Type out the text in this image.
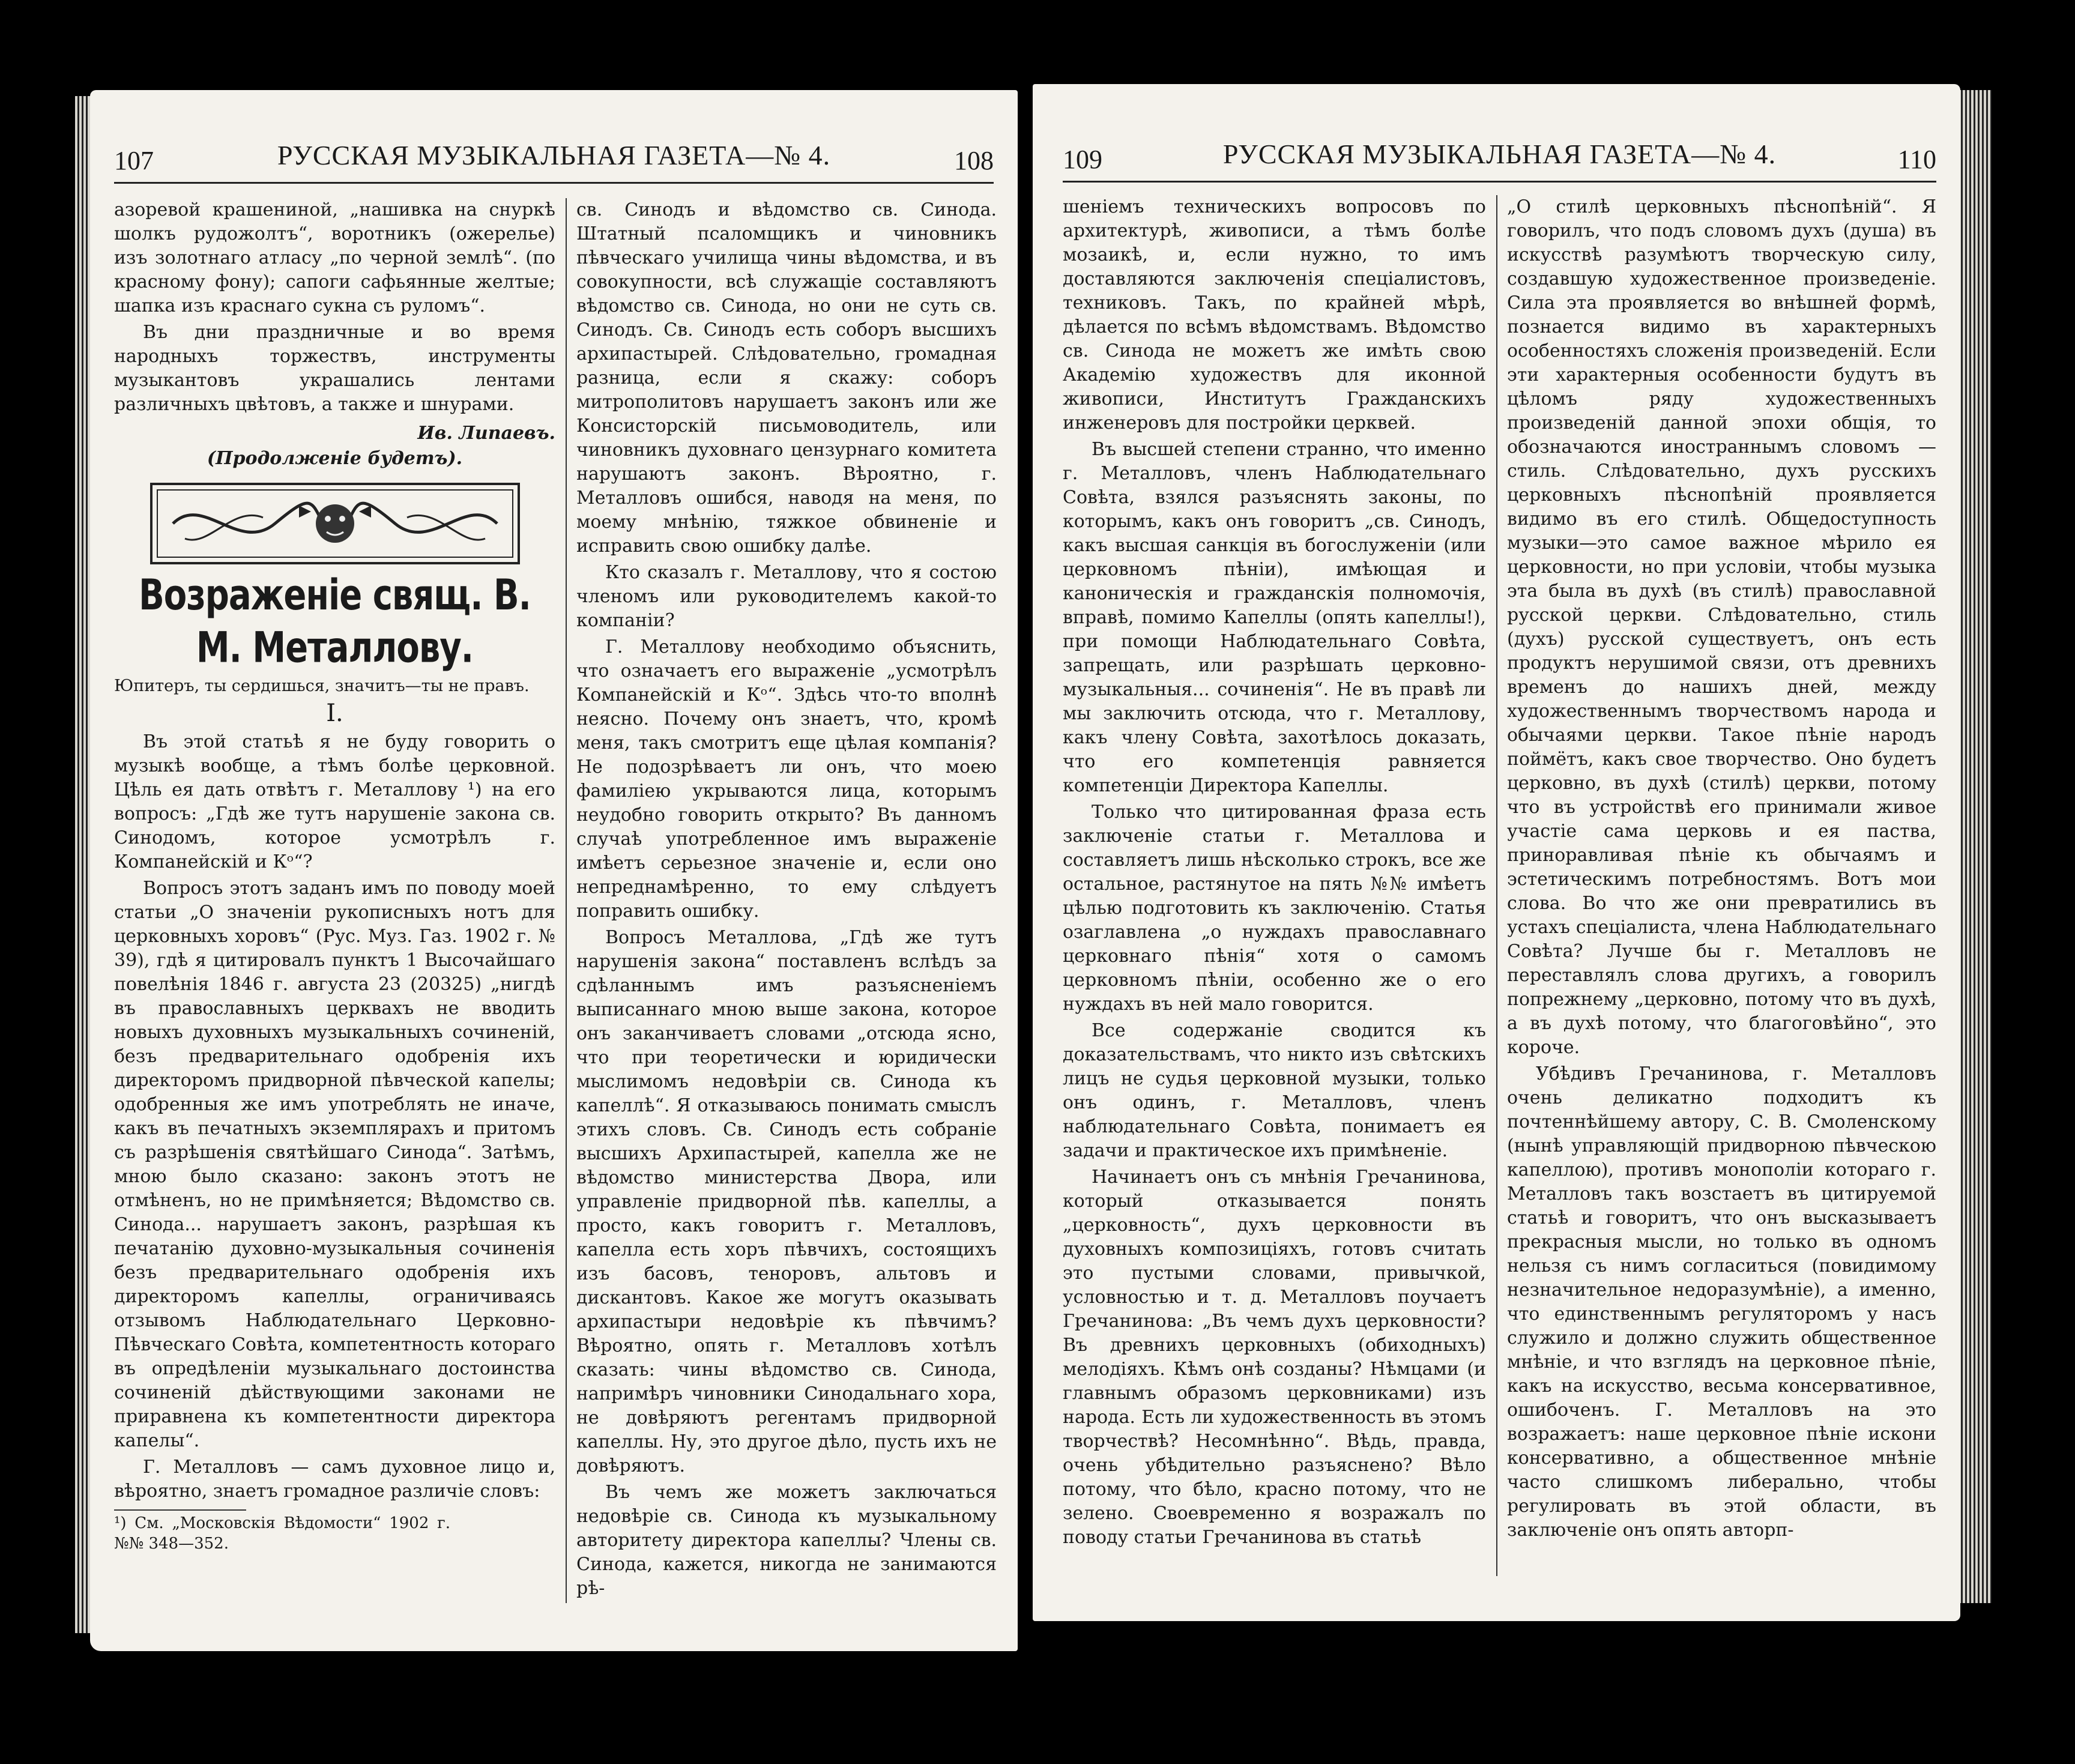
107	РУССКАЯ МУЗЫКАЛЬНАЯ ГАЗЕТА—№ 4.	108

азоревой крашениной, „нашивка на снуркѣ шолкъ рудожолтъ“, воротникъ (ожерелье) изъ золотнаго атласу „по черной землѣ“. (по красному фону); сапоги сафьянные желтые; шапка изъ краснаго сукна съ руломъ“.

Въ дни праздничные и во время народныхъ торжествъ, инструменты музыкантовъ украшались лентами различныхъ цвѣтовъ, а также и шнурами.

Ив. Липаевъ.
(Продолженіе будетъ).
Возраженіе свящ. В. М. Металлову.

Юпитеръ, ты сердишься, значитъ—ты не правъ.

I.

Въ этой статьѣ я не буду говорить о музыкѣ вообще, а тѣмъ болѣе церковной. Цѣль ея дать отвѣтъ г. Металлову ¹) на его вопросъ: „Гдѣ же тутъ нарушеніе закона св. Синодомъ, которое усмотрѣлъ г. Компанейскій и Кᵒ“?

Вопросъ этотъ заданъ имъ по поводу моей статьи „О значеніи рукописныхъ нотъ для церковныхъ хоровъ“ (Рус. Муз. Газ. 1902 г. № 39), гдѣ я цитировалъ пунктъ 1 Высочайшаго повелѣнія 1846 г. августа 23 (20325) „нигдѣ въ православныхъ церквахъ не вводить новыхъ духовныхъ музыкальныхъ сочиненій, безъ предварительнаго одобренія ихъ директоромъ придворной пѣвческой капелы; одобренныя же имъ употреблять не иначе, какъ въ печатныхъ экземплярахъ и притомъ съ разрѣшенія святѣйшаго Синода“. Затѣмъ, мною было сказано: законъ этотъ не отмѣненъ, но не примѣняется; Вѣдомство св. Синода... нарушаетъ законъ, разрѣшая къ печатанію духовно-музыкальныя сочиненія безъ предварительнаго одобренія ихъ директоромъ капеллы, ограничиваясь отзывомъ Наблюдательнаго Церковно-Пѣвческаго Совѣта, компетентность котораго въ опредѣленіи музыкальнаго достоинства сочиненій дѣйствующими законами не приравнена къ компетентности директора капелы“.

Г. Металловъ — самъ духовное лицо и, вѣроятно, знаетъ громадное различіе словъ:

¹) См. „Московскія Вѣдомости“ 1902 г. №№ 348—352.

св. Синодъ и вѣдомство св. Синода. Штатный псаломщикъ и чиновникъ пѣвческаго училища чины вѣдомства, и въ совокупности, всѣ служащіе составляютъ вѣдомство св. Синода, но они не суть св. Синодъ. Св. Синодъ есть соборъ высшихъ архипастырей. Слѣдовательно, громадная разница, если я скажу: соборъ митрополитовъ нарушаетъ законъ или же Консисторскій письмоводитель, или чиновникъ духовнаго цензурнаго комитета нарушаютъ законъ. Вѣроятно, г. Металловъ ошибся, наводя на меня, по моему мнѣнію, тяжкое обвиненіе и исправить свою ошибку далѣе.

Кто сказалъ г. Металлову, что я состою членомъ или руководителемъ какой-то компаніи?

Г. Металлову необходимо объяснить, что означаетъ его выраженіе „усмотрѣлъ Компанейскій и Кᵒ“. Здѣсь что-то вполнѣ неясно. Почему онъ знаетъ, что, кромѣ меня, такъ смотритъ еще цѣлая компанія? Не подозрѣваетъ ли онъ, что моею фамиліею укрываются лица, которымъ неудобно говорить открыто? Въ данномъ случаѣ употребленное имъ выраженіе имѣетъ серьезное значеніе и, если оно непреднамѣренно, то ему слѣдуетъ поправить ошибку.

Вопросъ Металлова, „Гдѣ же тутъ нарушенія закона“ поставленъ вслѣдъ за сдѣланнымъ имъ разъясненіемъ выписаннаго мною выше закона, которое онъ заканчиваетъ словами „отсюда ясно, что при теоретически и юридически мыслимомъ недовѣріи св. Синода къ капеллѣ“. Я отказываюсь понимать смыслъ этихъ словъ. Св. Синодъ есть собраніе высшихъ Архипастырей, капелла же не вѣдомство министерства Двора, или управленіе придворной пѣв. капеллы, а просто, какъ говоритъ г. Металловъ, капелла есть хоръ пѣвчихъ, состоящихъ изъ басовъ, теноровъ, альтовъ и дискантовъ. Какое же могутъ оказывать архипастыри недовѣріе къ пѣвчимъ? Вѣроятно, опять г. Металловъ хотѣлъ сказать: чины вѣдомство св. Синода, напримѣръ чиновники Синодальнаго хора, не довѣряютъ регентамъ придворной капеллы. Ну, это другое дѣло, пусть ихъ не довѣряютъ.

Въ чемъ же можетъ заключаться недовѣріе св. Синода къ музыкальному авторитету директора капеллы? Члены св. Синода, кажется, никогда не занимаются рѣ-

109	РУССКАЯ МУЗЫКАЛЬНАЯ ГАЗЕТА—№ 4.	110

шеніемъ техническихъ вопросовъ по архитектурѣ, живописи, а тѣмъ болѣе мозаикѣ, и, если нужно, то имъ доставляются заключенія спеціалистовъ, техниковъ. Такъ, по крайней мѣрѣ, дѣлается по всѣмъ вѣдомствамъ. Вѣдомство св. Синода не можетъ же имѣть свою Академію художествъ для иконной живописи, Институтъ Гражданскихъ инженеровъ для постройки церквей.

Въ высшей степени странно, что именно г. Металловъ, членъ Наблюдательнаго Совѣта, взялся разъяснять законы, по которымъ, какъ онъ говоритъ „св. Синодъ, какъ высшая санкція въ богослуженіи (или церковномъ пѣніи), имѣющая и каноническія и гражданскія полномочія, вправѣ, помимо Капеллы (опять капеллы!), при помощи Наблюдательнаго Совѣта, запрещать, или разрѣшать церковно-музыкальныя... сочиненія“. Не въ правѣ ли мы заключить отсюда, что г. Металлову, какъ члену Совѣта, захотѣлось доказать, что его компетенція равняется компетенціи Директора Капеллы.

Только что цитированная фраза есть заключеніе статьи г. Металлова и составляетъ лишь нѣсколько строкъ, все же остальное, растянутое на пять №№ имѣетъ цѣлью подготовить къ заключенію. Статья озаглавлена „о нуждахъ православнаго церковнаго пѣнія“ хотя о самомъ церковномъ пѣніи, особенно же о его нуждахъ въ ней мало говорится.

Все содержаніе сводится къ доказательствамъ, что никто изъ свѣтскихъ лицъ не судья церковной музыки, только онъ одинъ, г. Металловъ, членъ наблюдательнаго Совѣта, понимаетъ ея задачи и практическое ихъ примѣненіе.

Начинаетъ онъ съ мнѣнія Гречанинова, который отказывается понять „церковность“, духъ церковности въ духовныхъ композиціяхъ, готовъ считать это пустыми словами, привычкой, условностью и т. д. Металловъ поучаетъ Гречанинова: „Въ чемъ духъ церковности? Въ древнихъ церковныхъ (обиходныхъ) мелодіяхъ. Кѣмъ онѣ созданы? Нѣмцами (и главнымъ образомъ церковниками) изъ народа. Есть ли художественность въ этомъ творчествѣ? Несомнѣнно“. Вѣдь, правда, очень убѣдительно разъяснено? Вѣло потому, что бѣло, красно потому, что не зелено. Своевременно я возражалъ по поводу статьи Гречанинова въ статьѣ

„О стилѣ церковныхъ пѣснопѣній“. Я говорилъ, что подъ словомъ духъ (душа) въ искусствѣ разумѣютъ творческую силу, создавшую художественное произведеніе. Сила эта проявляется во внѣшней формѣ, познается видимо въ характерныхъ особенностяхъ сложенія произведеній. Если эти характерныя особенности будутъ въ цѣломъ ряду художественныхъ произведеній данной эпохи общія, то обозначаются иностраннымъ словомъ — стиль. Слѣдовательно, духъ русскихъ церковныхъ пѣснопѣній проявляется видимо въ его стилѣ. Общедоступность музыки—это самое важное мѣрило ея церковности, но при условіи, чтобы музыка эта была въ духѣ (въ стилѣ) православной русской церкви. Слѣдовательно, стиль (духъ) русской существуетъ, онъ есть продуктъ нерушимой связи, отъ древнихъ временъ до нашихъ дней, между художественнымъ творчествомъ народа и обычаями церкви. Такое пѣніе народъ поймётъ, какъ свое творчество. Оно будетъ церковно, въ духѣ (стилѣ) церкви, потому что въ устройствѣ его принимали живое участіе сама церковь и ея паства, приноравливая пѣніе къ обычаямъ и эстетическимъ потребностямъ. Вотъ мои слова. Во что же они превратились въ устахъ спеціалиста, члена Наблюдательнаго Совѣта? Лучше бы г. Металловъ не переставлялъ слова другихъ, а говорилъ попрежнему „церковно, потому что въ духѣ, а въ духѣ потому, что благоговѣйно“, это короче.

Убѣдивъ Гречанинова, г. Металловъ очень деликатно подходитъ къ почтеннѣйшему автору, С. В. Смоленскому (нынѣ управляющій придворною пѣвческою капеллою), противъ монополіи котораго г. Металловъ такъ возстаетъ въ цитируемой статьѣ и говоритъ, что онъ высказываетъ прекрасныя мысли, но только въ одномъ нельзя съ нимъ согласиться (повидимому незначительное недоразумѣніе), а именно, что единственнымъ регуляторомъ у насъ служило и должно служить общественное мнѣніе, и что взглядъ на церковное пѣніе, какъ на искусство, весьма консервативное, ошибоченъ. Г. Металловъ на это возражаетъ: наше церковное пѣніе искони консервативно, а общественное мнѣніе часто слишкомъ либерально, чтобы регулировать въ этой области, въ заключеніе онъ опять авторп-
